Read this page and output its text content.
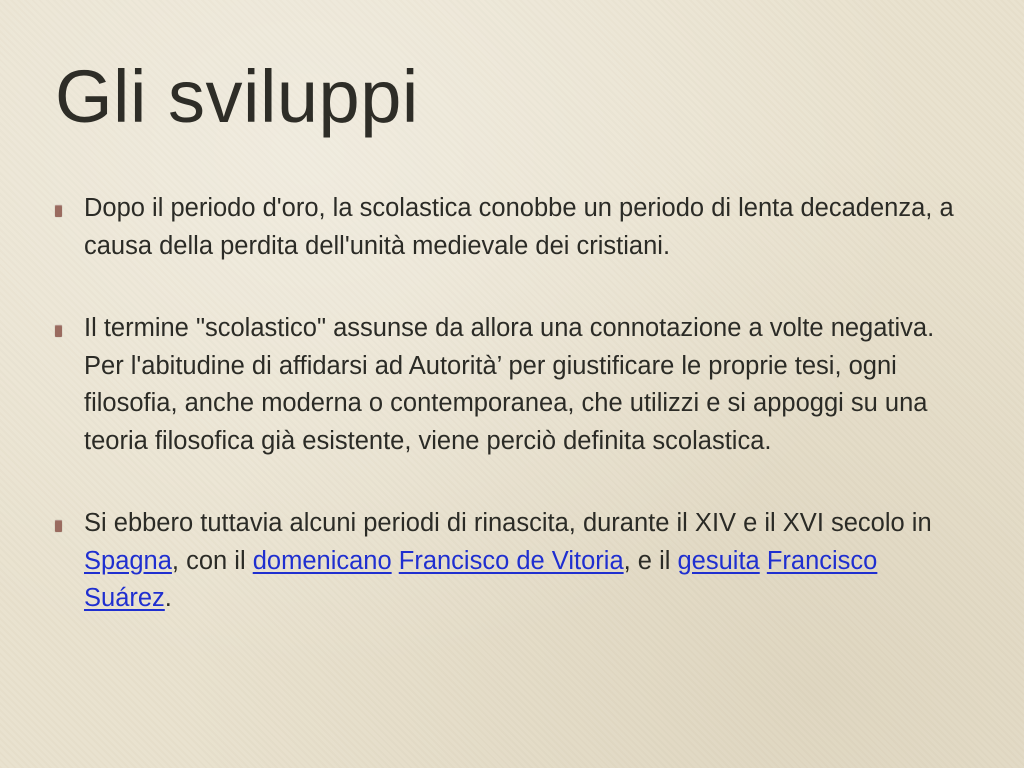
Gli sviluppi
Dopo il periodo d'oro, la scolastica conobbe un periodo di lenta decadenza, a causa della perdita dell'unità medievale dei cristiani.
Il termine "scolastico" assunse da allora una connotazione a volte negativa. Per l'abitudine di affidarsi ad Autorità’ per giustificare le proprie tesi, ogni filosofia, anche moderna o contemporanea, che utilizzi e si appoggi su una teoria filosofica già esistente, viene perciò definita scolastica.
Si ebbero tuttavia alcuni periodi di rinascita, durante il XIV e il XVI secolo in Spagna, con il domenicano Francisco de Vitoria, e il gesuita Francisco Suárez.
